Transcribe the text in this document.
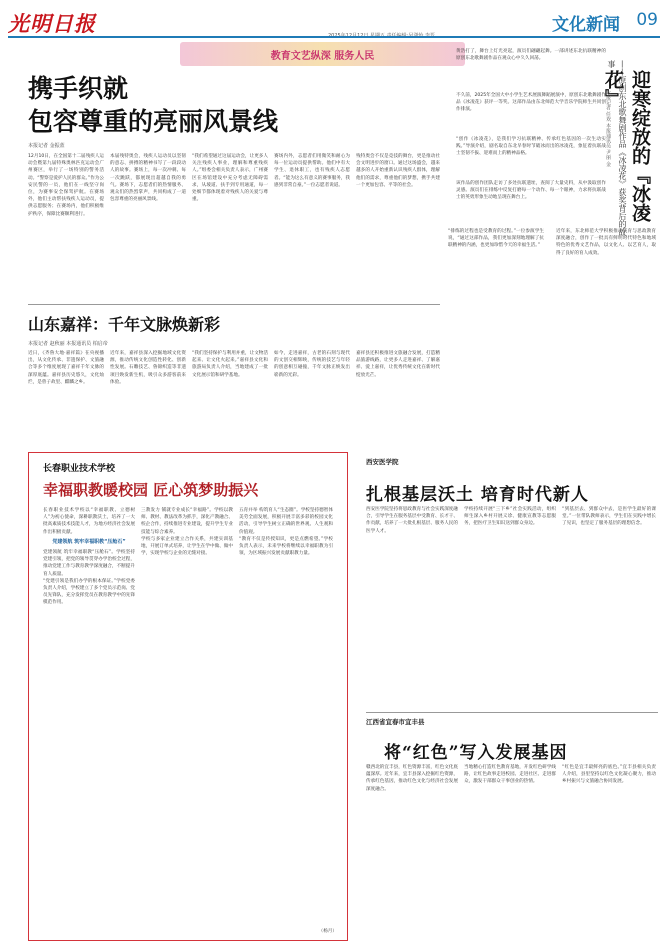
光明日报	文化新闻 09
教育文艺纵深 服务人民
携手织就
包容尊重的亮丽风景线
本报记者 金振蓝
12月10日，在全国第十二届残疾人运动会暨第九届特殊奥林匹克运动会广州赛区，举行了一场特别的警务活动。“警察是爱护人民的群众。”作为公安民警的一员，他们在一线坚守岗位，为赛事安全保驾护航。在赛场外，他们主动帮扶残疾人运动员，提供志愿服务；在赛场内，他们积极维护秩序，保障比赛顺利进行。
本届残特奥会，残疾人运动员以坚韧的意志、拼搏的精神书写了一段段动人的故事。赛场上，每一次冲刺、每一次跳跃，都展现出超越自我的勇气。赛场下，志愿者们的热情服务、观众们的热烈掌声，共同构成了一道包容尊重的亮丽风景线。
“我们希望通过这届运动会，让更多人关注残疾人事业，理解和尊重残疾人。”组委会相关负责人表示，广州赛区在场馆建设中充分考虑无障碍需求，从坡道、扶手到专用通道，每一处细节都体现着对残疾人的关爱与尊重。
赛场内外，志愿者们用微笑和耐心为每一位运动员提供帮助。他们中有大学生、退休职工，也有残疾人志愿者。“能为这么有意义的赛事服务，我感到非常自豪。”一位志愿者说道。
残特奥会不仅是竞技的舞台，更是推动社会文明进步的窗口。通过这场盛会，越来越多的人开始重新认识残疾人群体，理解他们的需求，尊重他们的梦想，携手共建一个更加包容、平等的社会。
山东嘉祥：千年文脉焕新彩
本报记者 赵秋丽 本报通讯员 柏启帝
近日，《齐鲁大地·嘉祥篇》在央视播出，从文化传承、非遗保护、文旅融合等多个维度展现了嘉祥千年文脉的深厚底蕴。嘉祥县历史悠久，文化灿烂，是曾子故里、麒麟之乡。
近年来，嘉祥县深入挖掘地域文化资源，推动传统文化创造性转化、创新性发展。石雕技艺、鲁锦织造等非遗项目焕发新生机，吸引众多游客前来体验。
“我们坚持保护与利用并重，让文物活起来、让文化火起来。”嘉祥县文化和旅游局负责人介绍，当地建成了一批文化展示馆和研学基地。
如今，走进嘉祥，古老的石刻与现代的文创交相辉映，传统的技艺与年轻的创意相互碰撞，千年文脉正焕发出崭新的光彩。
嘉祥县还积极推进文旅融合发展，打造精品旅游线路，让更多人走进嘉祥、了解嘉祥、爱上嘉祥，让优秀传统文化在新时代绽放光芒。
迎寒绽放的『冰凌花』
——原创东北歌舞剧作品《冰凌花》获奖背后的故事
本报记者 任欢 本报通讯员 尹丽 金
黄浩打了，舞台上灯光亮起，演员们翩翩起舞。一部讲述东北抗联精神的原创东北歌舞剧作品在观众心中久久回荡。
不久前，2025年全国大中小学生艺术展演舞蹈展演中，原创东北歌舞剧作品《冰凌花》获评一等奖。这部作品由东北师范大学音乐学院师生共同创作排演。
“创作《冰凌花》，是我们学习抗联精神、传承红色基因的一次生动实践。”导演介绍，剧名取自东北早春时节破冰而出的冰凌花，象征着抗联战士坚韧不拔、迎难而上的精神品格。
该作品的创作团队走访了多处抗联遗址，查阅了大量史料，从中汲取创作灵感。演员们在排练中反复打磨每一个动作、每一个眼神，力求将抗联战士的英勇形象生动地呈现在舞台上。
“排练的过程也是受教育的过程。”一位参演学生说，“通过这部作品，我们更加深刻地理解了抗联精神的内涵，也更加珍惜今天的幸福生活。”
近年来，东北师范大学积极推动美育与思政教育深度融合，创作了一批具有鲜明时代特色和地域特色的优秀文艺作品，以文化人、以艺育人，取得了良好的育人成效。
长春职业技术学校
幸福职教暖校园 匠心筑梦助振兴

长春职业技术学校以“幸福职教、立德树人”为初心使命，深耕职教沃土，培养了一大批高素质技术技能人才，为地方经济社会发展作出积极贡献。

党建领航 筑牢幸福职教“压舱石”

党建领航 筑牢幸福职教“压舱石”。学校坚持党建引领，把党的领导贯穿办学治校全过程，推动党建工作与教育教学深度融合，不断提升育人质量。

“党建引领是我们办学的根本保证。”学校党委负责人介绍，学校建立了多个党员示范岗、党员先锋队，充分发挥党员在教育教学中的先锋模范作用。

三教发力 铺就专业成长“幸福路”。学校以教师、教材、教法改革为抓手，深化产教融合、校企合作，持续推进专业建设，提升学生专业技能与综合素养。

学校与多家企业建立合作关系，共建实训基地，开展订单式培养，让学生在学中做、做中学，实现学校与企业的无缝对接。

五育并举 构筑育人“生态圈”。学校坚持德智体美劳全面发展，积极开展丰富多彩的校园文化活动，引导学生树立正确的世界观、人生观和价值观。

“教育不仅是传授知识，更是点燃希望。”学校负责人表示，未来学校将继续以幸福职教为引领，为区域振兴发展贡献职教力量。

（杨月）
西安医学院
扎根基层沃土 培育时代新人
西安医学院坚持将思政教育与社会实践深度融合，引导学生在服务基层中受教育、长才干、作贡献，培养了一大批扎根基层、服务人民的医学人才。
学校持续开展“三下乡”社会实践活动，组织师生深入乡村开展义诊、健康宣教等志愿服务，把医疗卫生知识送到群众身边。
“到基层去、到群众中去，是医学生最好的课堂。”一位带队教师表示，学生们在实践中增长了见识，也坚定了服务基层的理想信念。
江西省宜春市宜丰县
将“红色”写入发展基因
赣西北的宜丰县，红色资源丰富，红色文化底蕴深厚。近年来，宜丰县深入挖掘红色资源，传承红色基因，推动红色文化与经济社会发展深度融合。
当地精心打造红色教育基地，开发红色研学线路，让红色故事走进校园、走进社区、走进群众，激发干部群众干事创业的热情。
“红色是宜丰最鲜亮的底色。”宜丰县相关负责人介绍，县里坚持以红色文化凝心聚力，推动乡村振兴与文旅融合协同发展。
